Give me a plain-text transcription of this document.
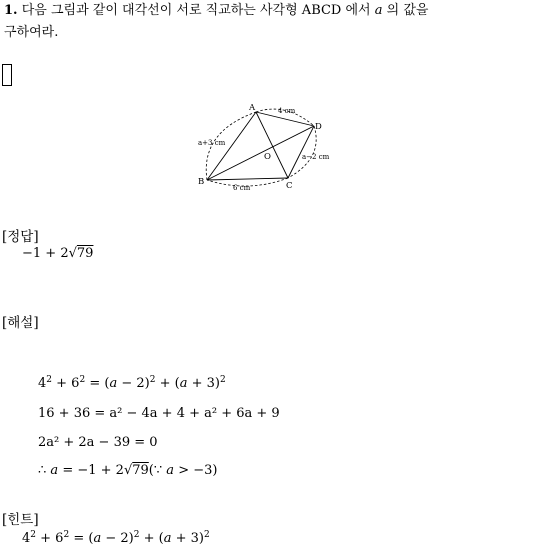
1. 다음 그림과 같이 대각선이 서로 직교하는 사각형 ABCD 에서 a 의 값을
구하여라.
A
B	C
D
O
4 cm
a+3 cm
6 cm
a−2 cm
[정답]
−1 + 2√79
[해설]
$4^2 + 6^2 = (a - 2)^2 + (a + 3)^2$
16 + 36 = a² − 4a + 4 + a² + 6a + 9
2a² + 2a − 39 = 0
∴ a = −1 + 2√79(∵ a > −3)
[힌트]
$4^2 + 6^2 = (a - 2)^2 + (a + 3)^2$
